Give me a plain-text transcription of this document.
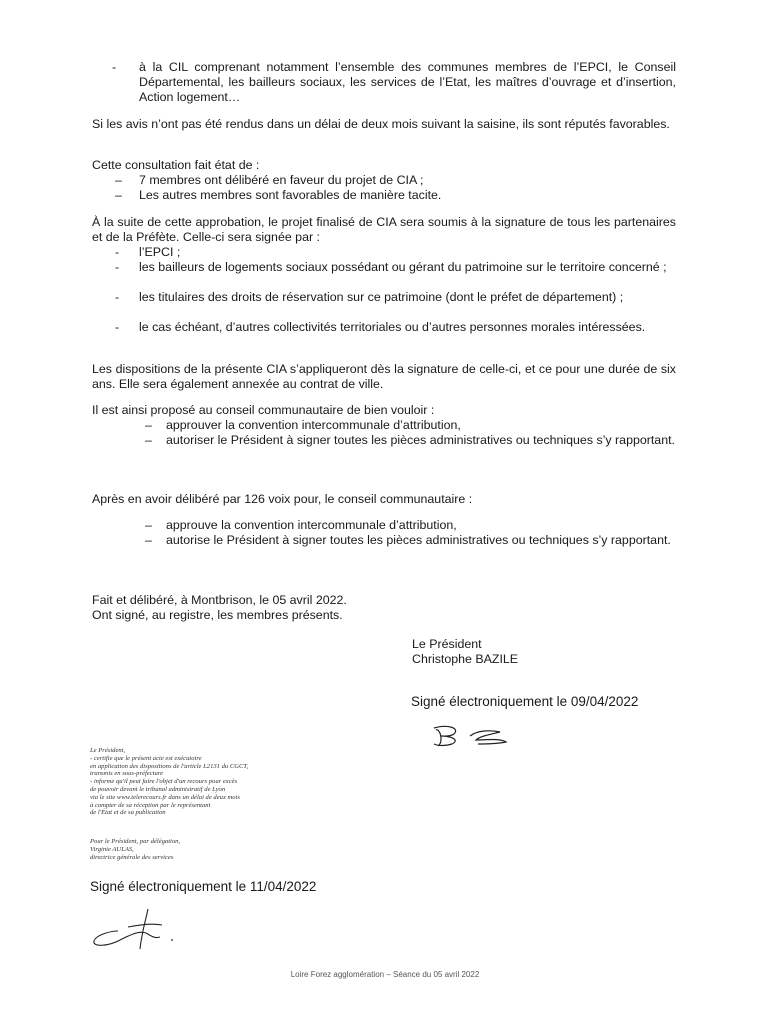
- à la CIL comprenant notamment l’ensemble des communes membres de l’EPCI, le Conseil Départemental, les bailleurs sociaux, les services de l’Etat, les maîtres d’ouvrage et d’insertion, Action logement…

Si les avis n’ont pas été rendus dans un délai de deux mois suivant la saisine, ils sont réputés favorables.

Cette consultation fait état de :

– 7 membres ont délibéré en faveur du projet de CIA ;

– Les autres membres sont favorables de manière tacite.

À la suite de cette approbation, le projet finalisé de CIA sera soumis à la signature de tous les partenaires et de la Préfète. Celle-ci sera signée par :

- l’EPCI ;

- les bailleurs de logements sociaux possédant ou gérant du patrimoine sur le territoire concerné ;

- les titulaires des droits de réservation sur ce patrimoine (dont le préfet de département) ;

- le cas échéant, d’autres collectivités territoriales ou d’autres personnes morales intéressées.

Les dispositions de la présente CIA s’appliqueront dès la signature de celle-ci, et ce pour une durée de six ans. Elle sera également annexée au contrat de ville.

Il est ainsi proposé au conseil communautaire de bien vouloir :

– approuver la convention intercommunale d’attribution,

– autoriser le Président à signer toutes les pièces administratives ou techniques s’y rapportant.

Après en avoir délibéré par 126 voix pour, le conseil communautaire :

– approuve la convention intercommunale d’attribution,

– autorise le Président à signer toutes les pièces administratives ou techniques s’y rapportant.

Fait et délibéré, à Montbrison, le 05 avril 2022.

Ont signé, au registre, les membres présents.

Le Président

Christophe BAZILE

Signé électroniquement le 09/04/2022

Le Président,
- certifie que le présent acte est exécutoire
en application des dispositions de l'article L2131 du CGCT,
transmis en sous-préfecture
- informe qu'il peut faire l'objet d'un recours pour excès
de pouvoir devant le tribunal administratif de Lyon
via le site www.telerecours.fr dans un délai de deux mois
à compter de sa réception par le représentant
de l'État et de sa publication
Pour le Président, par délégation,
Virginie AULAS,
directrice générale des services

Signé électroniquement le 11/04/2022

Loire Forez agglomération – Séance du 05 avril 2022
